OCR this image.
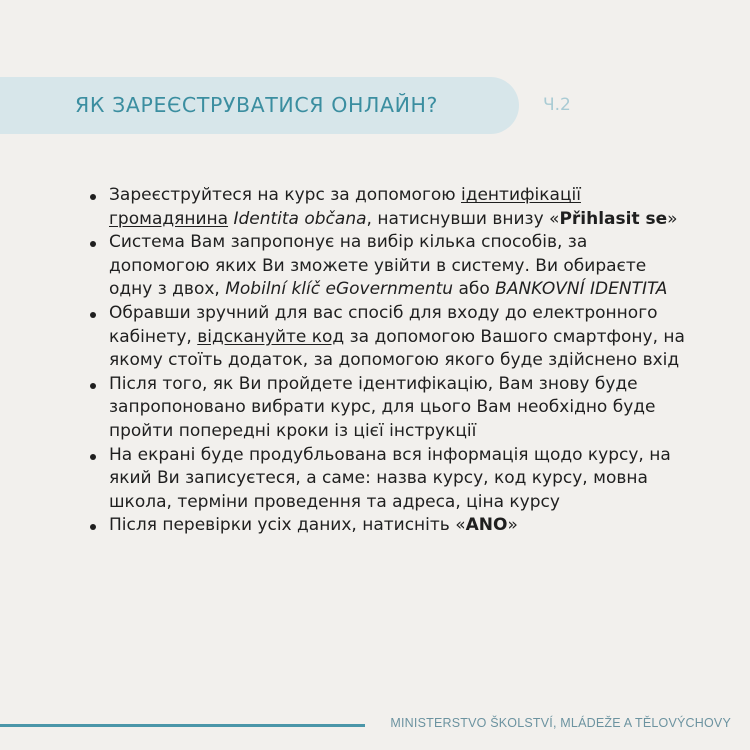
ЯК ЗАРЕЄСТРУВАТИСЯ ОНЛАЙН?	Ч.2
Зареєструйтеся на курс за допомогою ідентифікації громадянина Identita občana, натиснувши внизу «Přihlasit se»
Система Вам запропонує на вибір кілька способів, за допомогою яких Ви зможете увійти в систему. Ви обираєте одну з двох, Mobilní klíč eGovernmentu або BANKOVNÍ IDENTITA
Обравши зручний для вас спосіб для входу до електронного кабінету, відскануйте код за допомогою Вашого смартфону, на якому стоїть додаток, за допомогою якого буде здійснено вхід
Після того, як Ви пройдете ідентифікацію, Вам знову буде запропоновано вибрати курс, для цього Вам необхідно буде пройти попередні кроки із цієї інструкції
На екрані буде продубльована вся інформація щодо курсу, на який Ви записуєтеся, а саме: назва курсу, код курсу, мовна школа, терміни проведення та адреса, ціна курсу
Після перевірки усіх даних, натисніть «ANO»
MINISTERSTVO ŠKOLSTVÍ, MLÁDEŽE A TĚLOVÝCHOVY
